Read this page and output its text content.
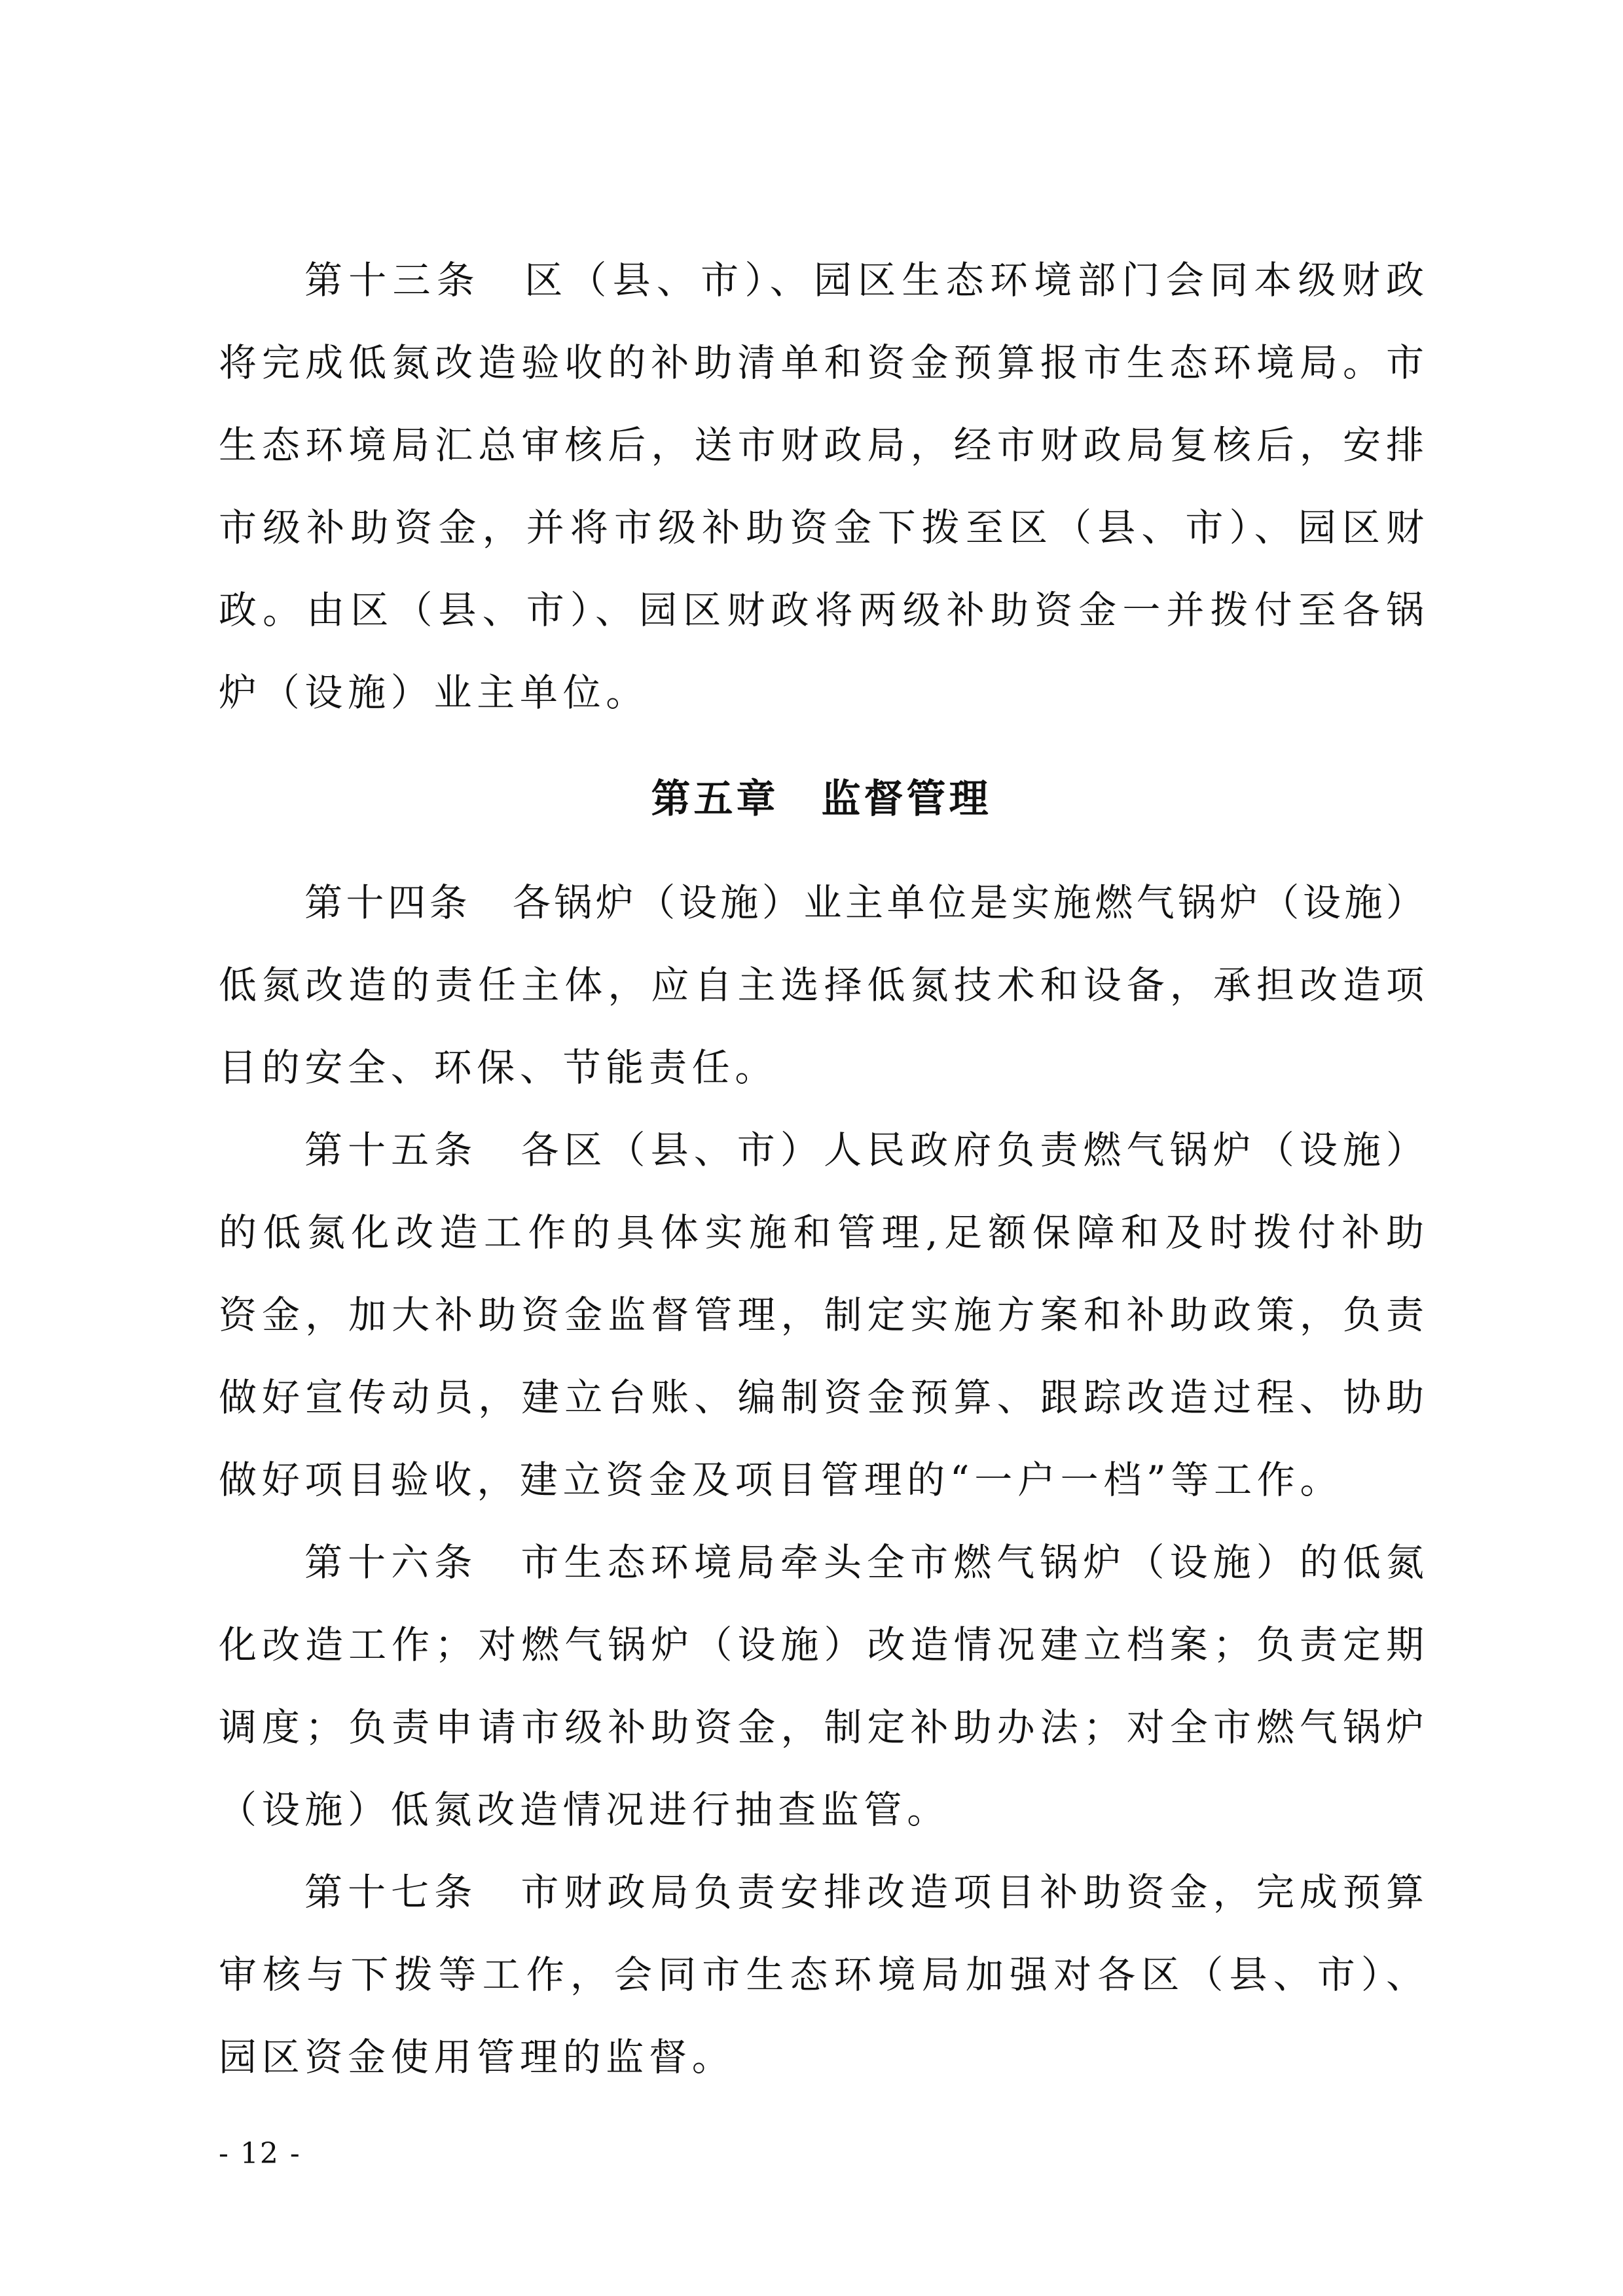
第十三条　区（县、市）、园区生态环境部门会同本级财政
将完成低氮改造验收的补助清单和资金预算报市生态环境局。市
生态环境局汇总审核后，送市财政局，经市财政局复核后，安排
市级补助资金，并将市级补助资金下拨至区（县、市）、园区财
政。由区（县、市）、园区财政将两级补助资金一并拨付至各锅
炉（设施）业主单位。
第五章　监督管理
第十四条　各锅炉（设施）业主单位是实施燃气锅炉（设施）
低氮改造的责任主体，应自主选择低氮技术和设备，承担改造项
目的安全、环保、节能责任。
第十五条　各区（县、市）人民政府负责燃气锅炉（设施）
的低氮化改造工作的具体实施和管理,足额保障和及时拨付补助
资金，加大补助资金监督管理，制定实施方案和补助政策，负责
做好宣传动员，建立台账、编制资金预算、跟踪改造过程、协助
做好项目验收，建立资金及项目管理的“一户一档”等工作。
第十六条　市生态环境局牵头全市燃气锅炉（设施）的低氮
化改造工作；对燃气锅炉（设施）改造情况建立档案；负责定期
调度；负责申请市级补助资金，制定补助办法；对全市燃气锅炉
（设施）低氮改造情况进行抽查监管。
第十七条　市财政局负责安排改造项目补助资金，完成预算
审核与下拨等工作，会同市生态环境局加强对各区（县、市）、
园区资金使用管理的监督。
- 12 -
